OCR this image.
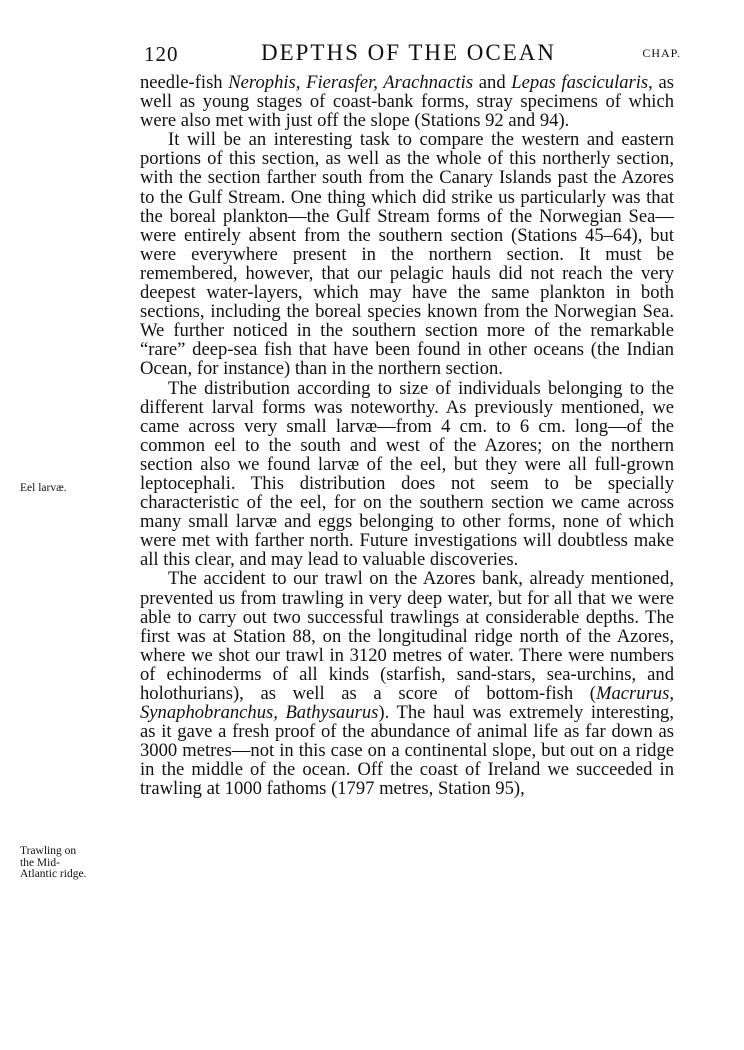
120	DEPTHS OF THE OCEAN	CHAP.
Eel larvæ.
Trawling on
the Mid-
Atlantic ridge.

needle-fish Nerophis, Fierasfer, Arachnactis and Lepas fascicularis, as well as young stages of coast-bank forms, stray specimens of which were also met with just off the slope (Stations 92 and 94).

It will be an interesting task to compare the western and eastern portions of this section, as well as the whole of this northerly section, with the section farther south from the Canary Islands past the Azores to the Gulf Stream. One thing which did strike us particularly was that the boreal plankton—the Gulf Stream forms of the Norwegian Sea—were entirely absent from the southern section (Stations 45–64), but were everywhere present in the northern section. It must be remembered, however, that our pelagic hauls did not reach the very deepest water-layers, which may have the same plankton in both sections, including the boreal species known from the Norwegian Sea. We further noticed in the southern section more of the remarkable “rare” deep-sea fish that have been found in other oceans (the Indian Ocean, for instance) than in the northern section.

The distribution according to size of individuals belonging to the different larval forms was noteworthy. As previously mentioned, we came across very small larvæ—from 4 cm. to 6 cm. long—of the common eel to the south and west of the Azores; on the northern section also we found larvæ of the eel, but they were all full-grown leptocephali. This distribution does not seem to be specially characteristic of the eel, for on the southern section we came across many small larvæ and eggs belonging to other forms, none of which were met with farther north. Future investigations will doubtless make all this clear, and may lead to valuable discoveries.

The accident to our trawl on the Azores bank, already mentioned, prevented us from trawling in very deep water, but for all that we were able to carry out two successful trawlings at considerable depths. The first was at Station 88, on the longitudinal ridge north of the Azores, where we shot our trawl in 3120 metres of water. There were numbers of echinoderms of all kinds (starfish, sand-stars, sea-urchins, and holothurians), as well as a score of bottom-fish (Macrurus, Synaphobranchus, Bathysaurus). The haul was extremely interesting, as it gave a fresh proof of the abundance of animal life as far down as 3000 metres—not in this case on a continental slope, but out on a ridge in the middle of the ocean. Off the coast of Ireland we succeeded in trawling at 1000 fathoms (1797 metres, Station 95),
